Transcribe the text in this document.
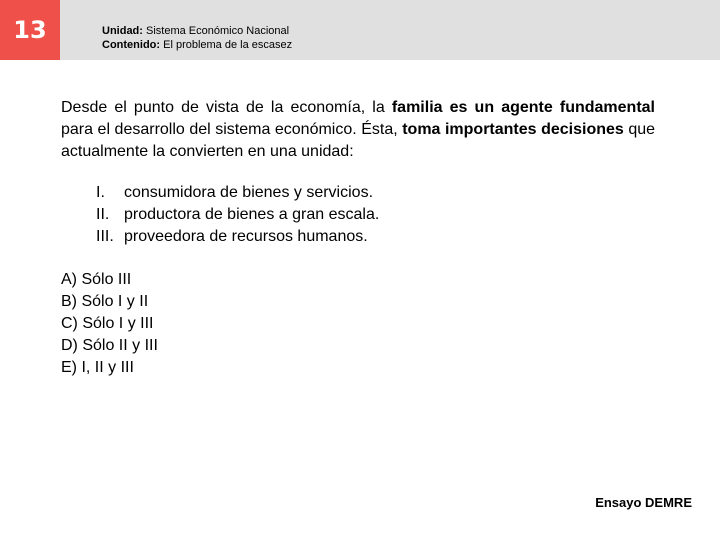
13	Unidad: Sistema Económico Nacional
Contenido: El problema de la escasez
Desde el punto de vista de la economía, la familia es un agente fundamental para el desarrollo del sistema económico. Ésta, toma importantes decisiones que actualmente la convierten en una unidad:
I.	consumidora de bienes y servicios.
II. productora de bienes a gran escala.
III. proveedora de recursos humanos.
A) Sólo III
B) Sólo I y II
C) Sólo I y III
D) Sólo II y III
E) I, II y III
Ensayo DEMRE
